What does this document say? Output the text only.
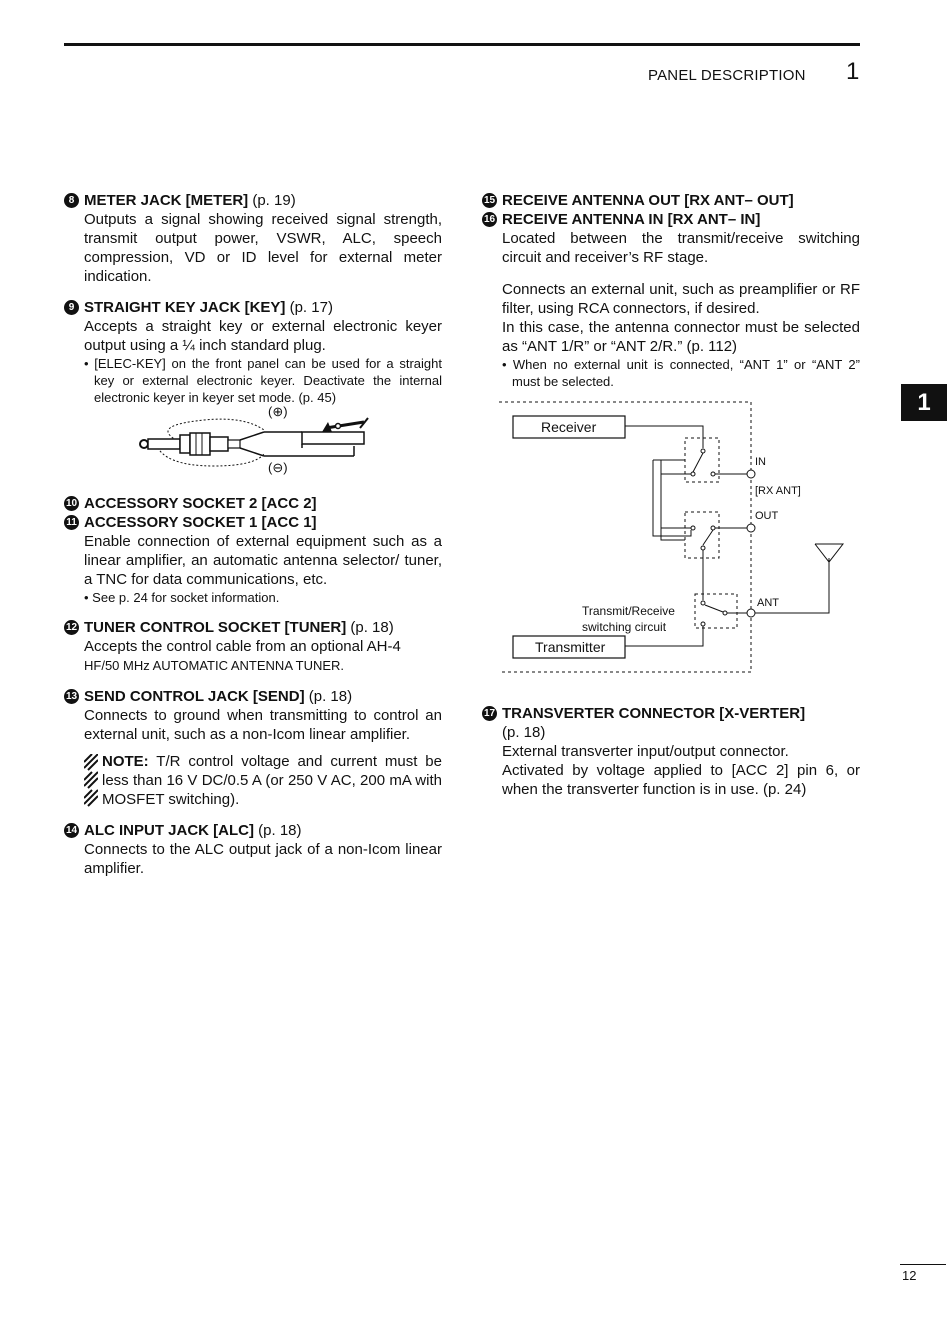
PANEL DESCRIPTION 1
1
8 METER JACK [METER] (p. 19)
Outputs a signal showing received signal strength, transmit output power, VSWR, ALC, speech compression, VD or ID level for external meter indication.
9 STRAIGHT KEY JACK [KEY] (p. 17)
Accepts a straight key or external electronic keyer output using a ¼ inch standard plug.
• [ELEC-KEY] on the front panel can be used for a straight key or external electronic keyer. Deactivate the internal electronic keyer in keyer set mode. (p. 45)
(⊕)
(⊖)
10 ACCESSORY SOCKET 2 [ACC 2]
11 ACCESSORY SOCKET 1 [ACC 1]
Enable connection of external equipment such as a linear amplifier, an automatic antenna selector/ tuner, a TNC for data communications, etc.
• See p. 24 for socket information.
12 TUNER CONTROL SOCKET [TUNER] (p. 18)
Accepts the control cable from an optional AH-4
HF/50 MHz AUTOMATIC ANTENNA TUNER.
13 SEND CONTROL JACK [SEND] (p. 18)
Connects to ground when transmitting to control an external unit, such as a non-Icom linear amplifier.
NOTE: T/R control voltage and current must be less than 16 V DC/0.5 A (or 250 V AC, 200 mA with MOSFET switching).
14 ALC INPUT JACK [ALC] (p. 18)
Connects to the ALC output jack of a non-Icom linear amplifier.
15 RECEIVE ANTENNA OUT [RX ANT– OUT]
16 RECEIVE ANTENNA IN [RX ANT– IN]
Located between the transmit/receive switching circuit and receiver’s RF stage.
Connects an external unit, such as preamplifier or RF filter, using RCA connectors, if desired.
In this case, the antenna connector must be selected as “ANT 1/R” or “ANT 2/R.” (p. 112)
• When no external unit is connected, “ANT 1” or “ANT 2” must be selected.
Receiver
Transmitter
IN
[RX ANT]
OUT
ANT
Transmit/Receive
switching circuit
17 TRANSVERTER CONNECTOR [X-VERTER]
(p. 18)
External transverter input/output connector.
Activated by voltage applied to [ACC 2] pin 6, or when the transverter function is in use. (p. 24)
12
